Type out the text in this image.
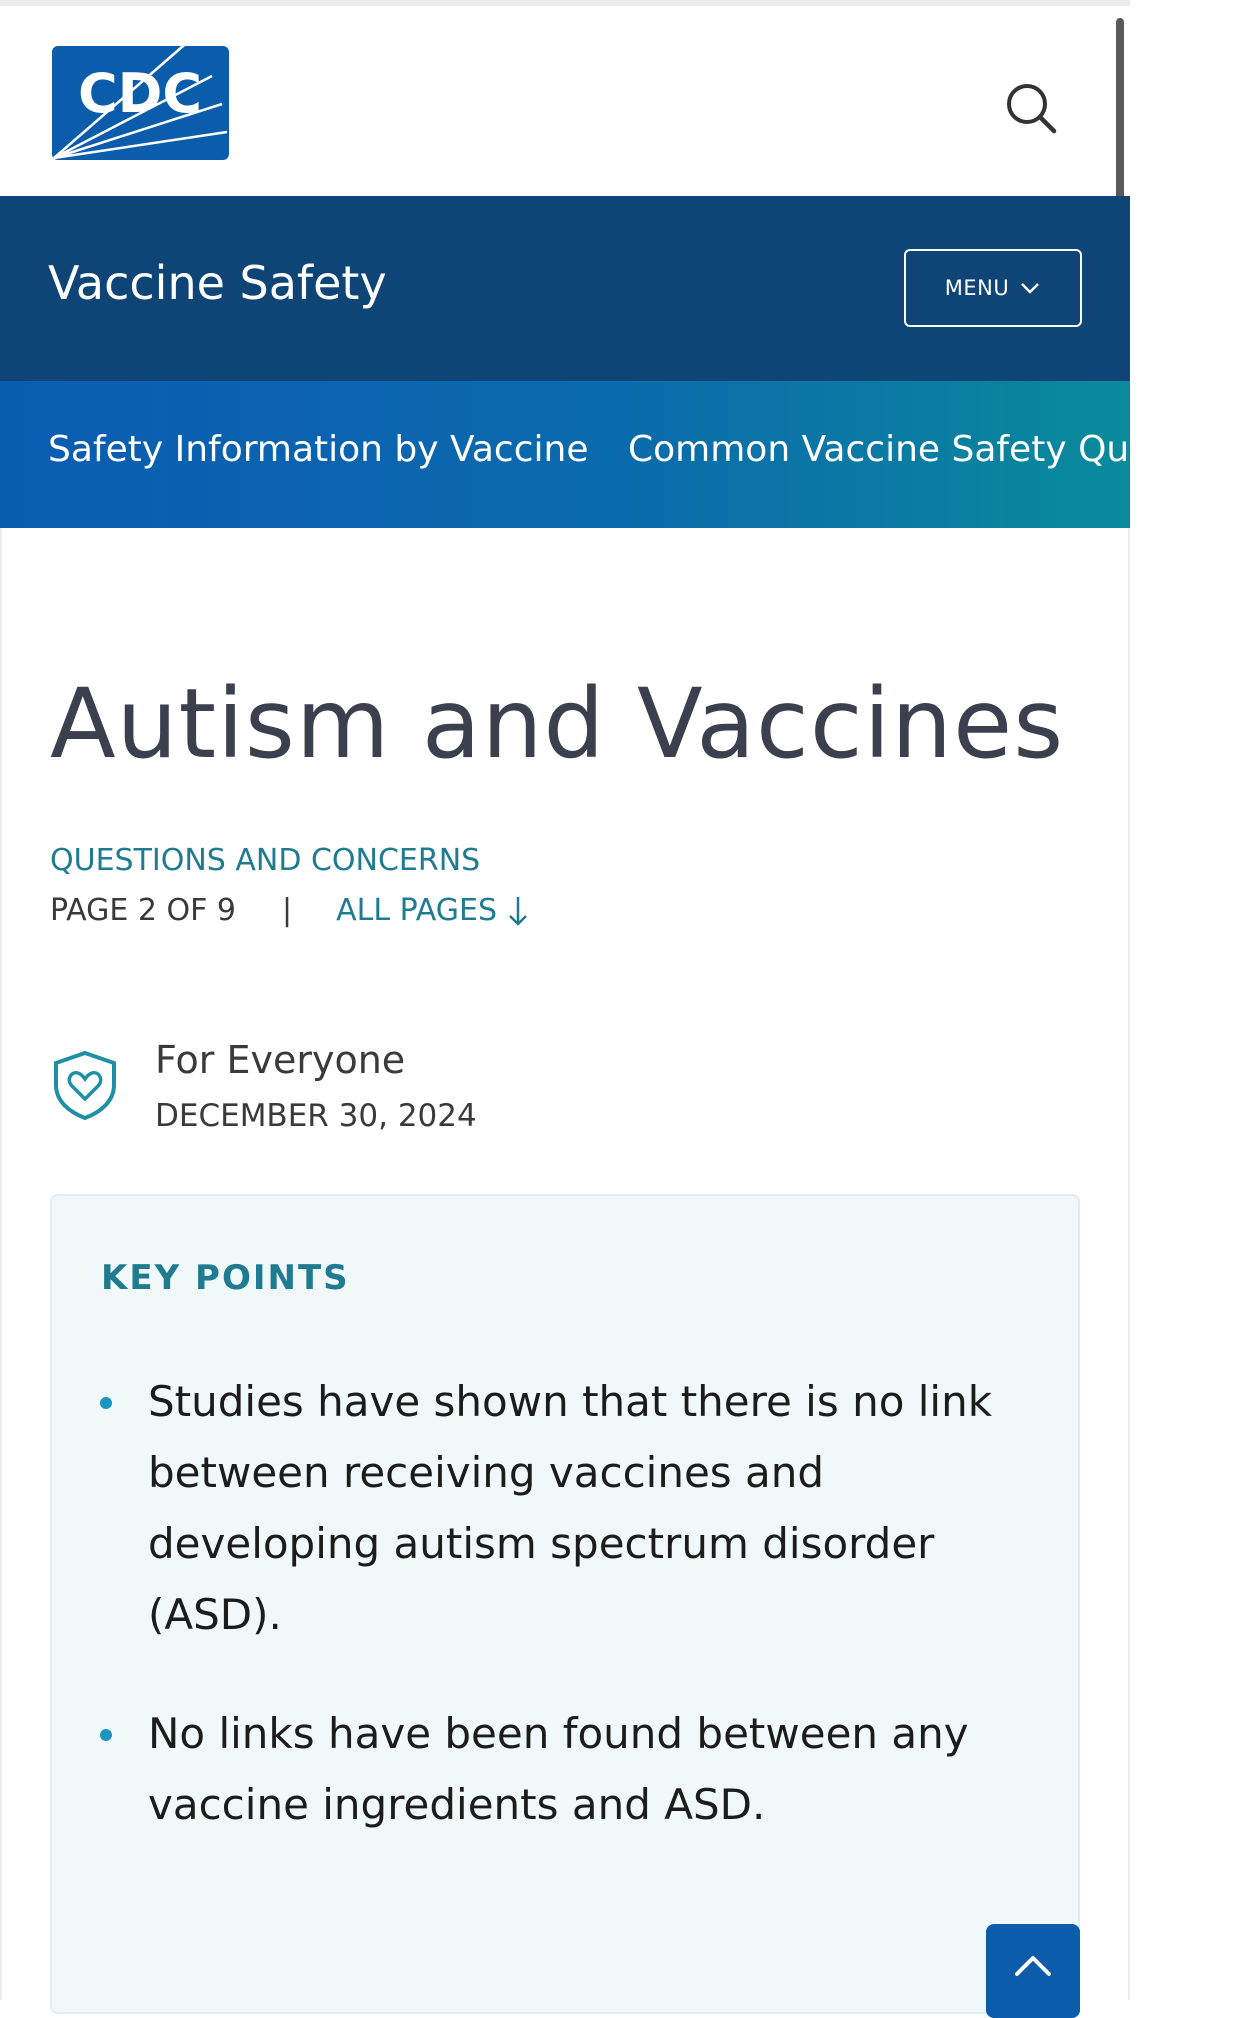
CDC
Vaccine Safety	MENU
Safety Information by Vaccine Common Vaccine Safety Questions
Autism and Vaccines
QUESTIONS AND CONCERNS
PAGE 2 OF 9 | ALL PAGES
For Everyone
DECEMBER 30, 2024
KEY POINTS
Studies have shown that there is no link between receiving vaccines and developing autism spectrum disorder (ASD).
No links have been found between any vaccine ingredients and ASD.
